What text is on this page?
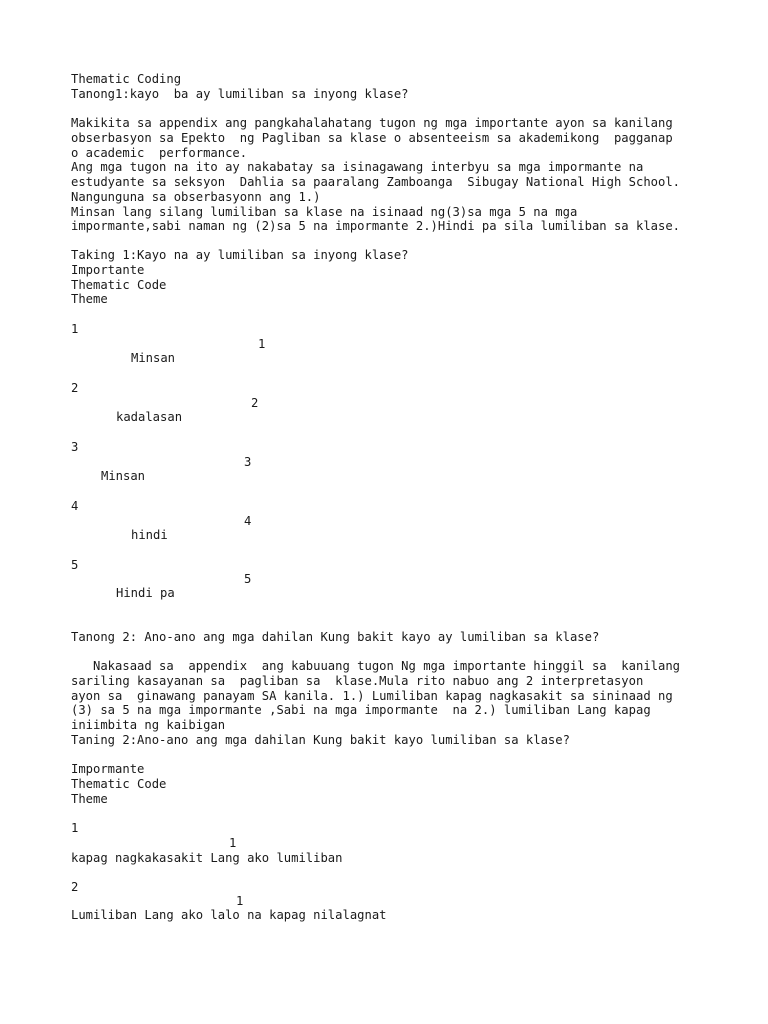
Thematic Coding
Tanong1:kayo  ba ay lumiliban sa inyong klase?
Makikita sa appendix ang pangkahalahatang tugon ng mga importante ayon sa kanilang
obserbasyon sa Epekto  ng Pagliban sa klase o absenteeism sa akademikong  pagganap
o academic  performance.
Ang mga tugon na ito ay nakabatay sa isinagawang interbyu sa mga impormante na
estudyante sa seksyon  Dahlia sa paaralang Zamboanga  Sibugay National High School.
Nangunguna sa obserbasyonn ang 1.)
Minsan lang silang lumiliban sa klase na isinaad ng(3)sa mga 5 na mga
impormante,sabi naman ng (2)sa 5 na impormante 2.)Hindi pa sila lumiliban sa klase.
Taking 1:Kayo na ay lumiliban sa inyong klase?
Importante
Thematic Code
Theme
1
1
Minsan
2
2
kadalasan
3
3
Minsan
4
4
hindi
5
5
Hindi pa
Tanong 2: Ano-ano ang mga dahilan Kung bakit kayo ay lumiliban sa klase?
Nakasaad sa  appendix  ang kabuuang tugon Ng mga importante hinggil sa  kanilang
sariling kasayanan sa  pagliban sa  klase.Mula rito nabuo ang 2 interpretasyon
ayon sa  ginawang panayam SA kanila. 1.) Lumiliban kapag nagkasakit sa sininaad ng
(3) sa 5 na mga impormante ,Sabi na mga impormante  na 2.) lumiliban Lang kapag
iniimbita ng kaibigan
Taning 2:Ano-ano ang mga dahilan Kung bakit kayo lumiliban sa klase?
Impormante
Thematic Code
Theme
1
1
kapag nagkakasakit Lang ako lumiliban
2
1
Lumiliban Lang ako lalo na kapag nilalagnat
